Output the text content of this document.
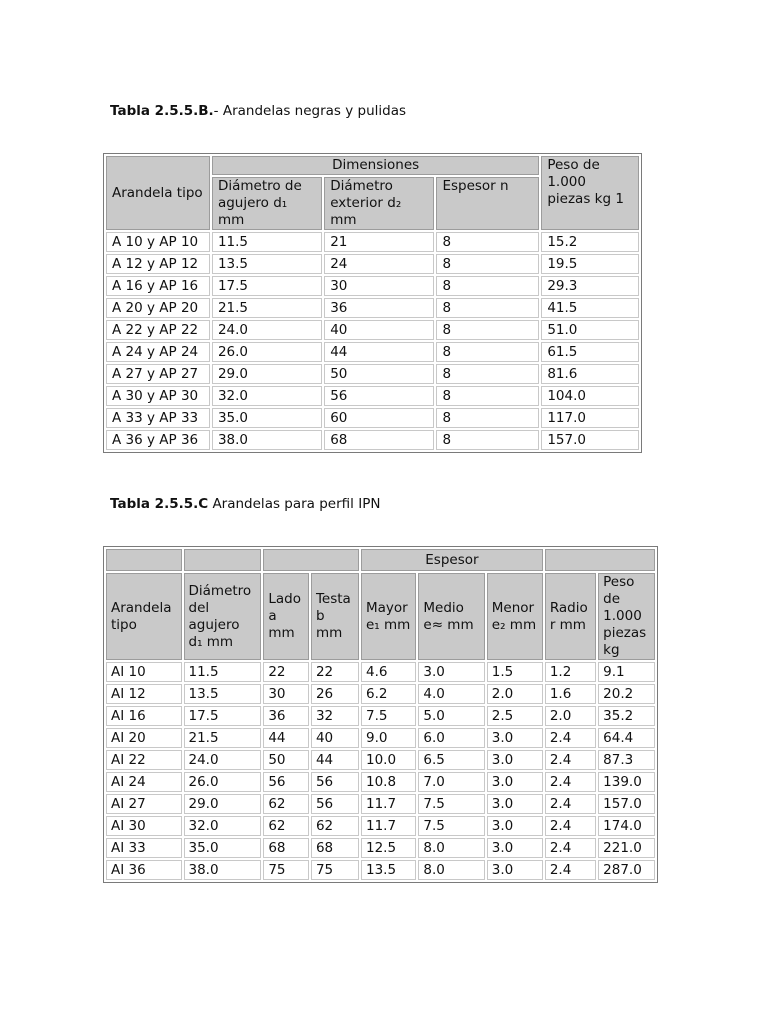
Tabla 2.5.5.B.- Arandelas negras y pulidas
Arandela tipo	Dimensiones			Peso de 1.000 piezas kg 1
	Diámetro de agujero d₁ mm	Diámetro exterior d₂ mm	Espesor n	
A 10 y AP 10	11.5	21	8	15.2
A 12 y AP 12	13.5	24	8	19.5
A 16 y AP 16	17.5	30	8	29.3
A 20 y AP 20	21.5	36	8	41.5
A 22 y AP 22	24.0	40	8	51.0
A 24 y AP 24	26.0	44	8	61.5
A 27 y AP 27	29.0	50	8	81.6
A 30 y AP 30	32.0	56	8	104.0
A 33 y AP 33	35.0	60	8	117.0
A 36 y AP 36	38.0	68	8	157.0
Tabla 2.5.5.C Arandelas para perfil IPN
				Espesor				
Arandela tipo	Diámetro del agujero d₁ mm	Lado a mm	Testa b mm	Mayor e₁ mm	Medio e≈ mm	Menor e₂ mm	Radio r mm	Peso de 1.000 piezas kg
AI 10	11.5	22	22	4.6	3.0	1.5	1.2	9.1
AI 12	13.5	30	26	6.2	4.0	2.0	1.6	20.2
AI 16	17.5	36	32	7.5	5.0	2.5	2.0	35.2
AI 20	21.5	44	40	9.0	6.0	3.0	2.4	64.4
AI 22	24.0	50	44	10.0	6.5	3.0	2.4	87.3
AI 24	26.0	56	56	10.8	7.0	3.0	2.4	139.0
AI 27	29.0	62	56	11.7	7.5	3.0	2.4	157.0
AI 30	32.0	62	62	11.7	7.5	3.0	2.4	174.0
AI 33	35.0	68	68	12.5	8.0	3.0	2.4	221.0
AI 36	38.0	75	75	13.5	8.0	3.0	2.4	287.0
